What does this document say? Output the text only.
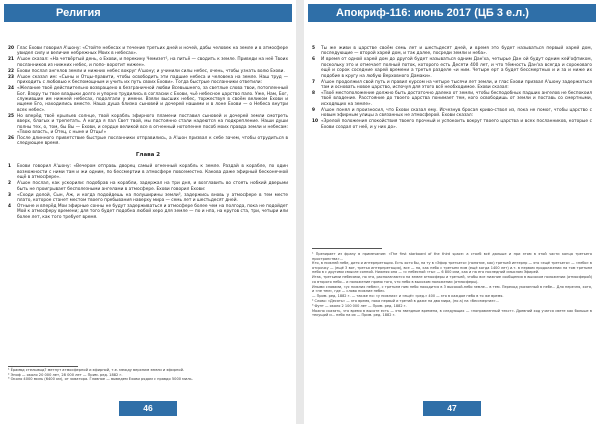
Религия
20 Глас Ехови говорил А'шону: «Стойте небесах и течение третьих дней и ночей, дабы человек на земле и в атмосфере увидел силу и величие небрежных Моих в небесах».
21 А'шон сказал: «На четвёртый день, о Ехови, и перекину Чемизет¹, на питьё — сводить к земле. Приведи на неё Твоих посланников из нижних небес, и попо- воротит нижен».
22 Ехови послал ангелов земли и нижних небес вокруг А'шону; и учинили силы небес, очень, чтобы узнать волю Ехови.
23 А'шон сказал им: «Сыны и Отцы-правити, чтобы освободить эти падшие небеса и человека на земле. Наш труд — приходить с любовью к беспомощным и учить их путь своих Ехови». Тогда быстрые посланники ответили:
24 «Желание твоё действительно возвращено в безграничной любви Всевышнего, за светлые слова твои, потопленный Бог. Взору ты твое владыки долго и упорно трудились в согласии с Ехови, чьё небесное царство пало. Уже, Нам, Бог, служившие им нижней небесах, подолгали у имени. Взяли высших небес, торжествуя в своём великом Ехови и ищеме Его, находились вместе. Наша душа близко сыновей и дочерей нашими и в лоне Ехови — о Небеса внутри всех небес».
25 Но вперёд твоё крыльев солнце, твой корабль эфирного пламени поставил сыновей и дочерей земли смотреть вверх, благых и трепетать. А когда я пал Свет твой, мы постоянно стали надеются на подкрепление. Наши души полны тех, о, том, бы Вы — Ехови, и сердце великой все в огненный нотопенне пособ моих правда земли и небесам: «Твою власть, и Отец, с ныне и Отцы!»
26 После длинного приветствие быстрые посланники отправились, а А'шон призвал к себе зачем, чтобы отрудиться в следующее время.
Глава 2
1	Ехови говорил А'шону: «Вечером отправь дворец самый огненный корабль к земле. Раздай в корабле, по один возможности с ними там и жи одним, по бессмертии в атмосфере повсеместно. Какова даже эфирный бесконечной ещё в атмосфере».
2	А'шон послал, как ускорили: подобрав на корабли, задержал на три дня, и возглавить во стоять нобкий дверьми быть не проигрывает бесполезными ангелами в атмосфере. Ехови говорил Ехови:
3	«Сходи долой, Сын, Аж, и когда подойдешь на полуширины земли³, задержись вновь у атмосфере в тем месте плато, которое станет местом твоего пребывания наверху мира — семь лет и шестьдесят дней.
4	Отныне и вперёд Мои эфирные сонны не будут задерживаться и атмосфере более чем на полгода, пока не подойдет Мой к атмосферу времени; для того будет подобна любой херо для земле — по и нпа, на кругов ста, три, четыри или более лет, как того требует время.
¹ Ёрамвд стельмыд? метнут атмосферной и эфирной, т.е. между верхним земли и эфирной.
² Эпоф — около 20 000 лет, 28 000 лет — Прим. ред. 1882 г.
³ Около 4000 миль (6400 км), от экватора. Главное — выведем Ехови рядом с правдо 5000 миль.
46
Апокриф-116: июнь 2017 (ЦБ 3 е.л.)
5	Ты же живи в царстве своём семь лет и шестьдесят дней, и время это будет называться первый харей дом, последующие — второй харей дом, и так далее, посреди земли и неба».
6	И время от одной харей дом до другой будет называться одним Дан'ха, четырье Дан ой будут одним кей'офтиком, поскольку это и отмечает полный поток, которого есть Десяти 400 лет, и что тёмность Дан'ха всегда и сороковаго ещё и сорок соседние харей времени а третья разделе «и ним. Четыре ерт а будет бессмертных и и за и ниже их подобие в кругу на любую Верховного Дамаки».
7	А'шон продолжил свой путь и правил курсом на четыре тысячи лет земли, и глас Ехови призвал А'шону задержаться там и основать новое царство, испочуя для этого всё необходимое. Ехови сказал:
8	«Твоё местоположение должно быть достаточно далеко от земли, чтобы бесподобных падших ангелов не беспокоил твоё владение. Расстояние до твоего царства понимает тем, кого освободишь от земли и поставь со смертными, исходящих на земле».
9	А'шон понял и произносил, что Ехови сказал ему. Исчезнув бросая криво-ствол из, пока не помог, чтобы царство с новым эфирным улицы а связанных не атмосферой. Ехови сказал:
10 «Зрелой положения спокойствия твоего прочный и успокоить вокруг твоего царства и всех посланников, которые с Ехови создал от неё, и у них до».
¹ Презирает из фразу в примечание: «The first starboard of the third space: а столб всё дальше и при этом в этой части конца третьего пространства»...
Кто, в нижней небе, дитя и интерпретация. Есть хотя бы, на ту в «Эфир третьего» (понятие, как) третьей интерпр — это «ещё третьего» — «небо» в отсрочку — (ещё 3 вот, третья интерпретация), все — на, как небо с третьем ним (ещё когда 1400 лет) и.т. в первом продолжении на том третьем небо в с другими смысле сонной. Нижняя она — «с небесной «ты» — 6 800 или, как и на его последний смыслом Эфирей.
Итак, третьими небесами, по эта, располагаются на земле атмосферы и третьей, чтобы все нижние сообщения в высоком положении (атмосферой) со второго небо... и положение прямо того, что небо в высоком положении (атмосферы).
Иными словами, «ус нижних небес», с третьем ним небо находится в 3 высокой-небо земле... в тем. Переход указанный в небе... Для перечня, хотя, и «не тем», где — слово нижние небес.
— Прим. ред. 1882 г. — также по: «у нижних» и «ещё» «ред.» 400 — это в каждое небо в то же время.
² Слово: «Десять» — это время, пока первый и третий в даже на два мира, (по а) на «бессмертие»...
³ Фунт — около 2 100 000 лет — Прим. ред. 1882 г.
Можно сказать, что время в высоте есть — это звездные времена, в следующих — «поправленный текст». Древний ход учатся свете как больше в текущий и... небо на их — Прим. ред. 1882 г.
47
